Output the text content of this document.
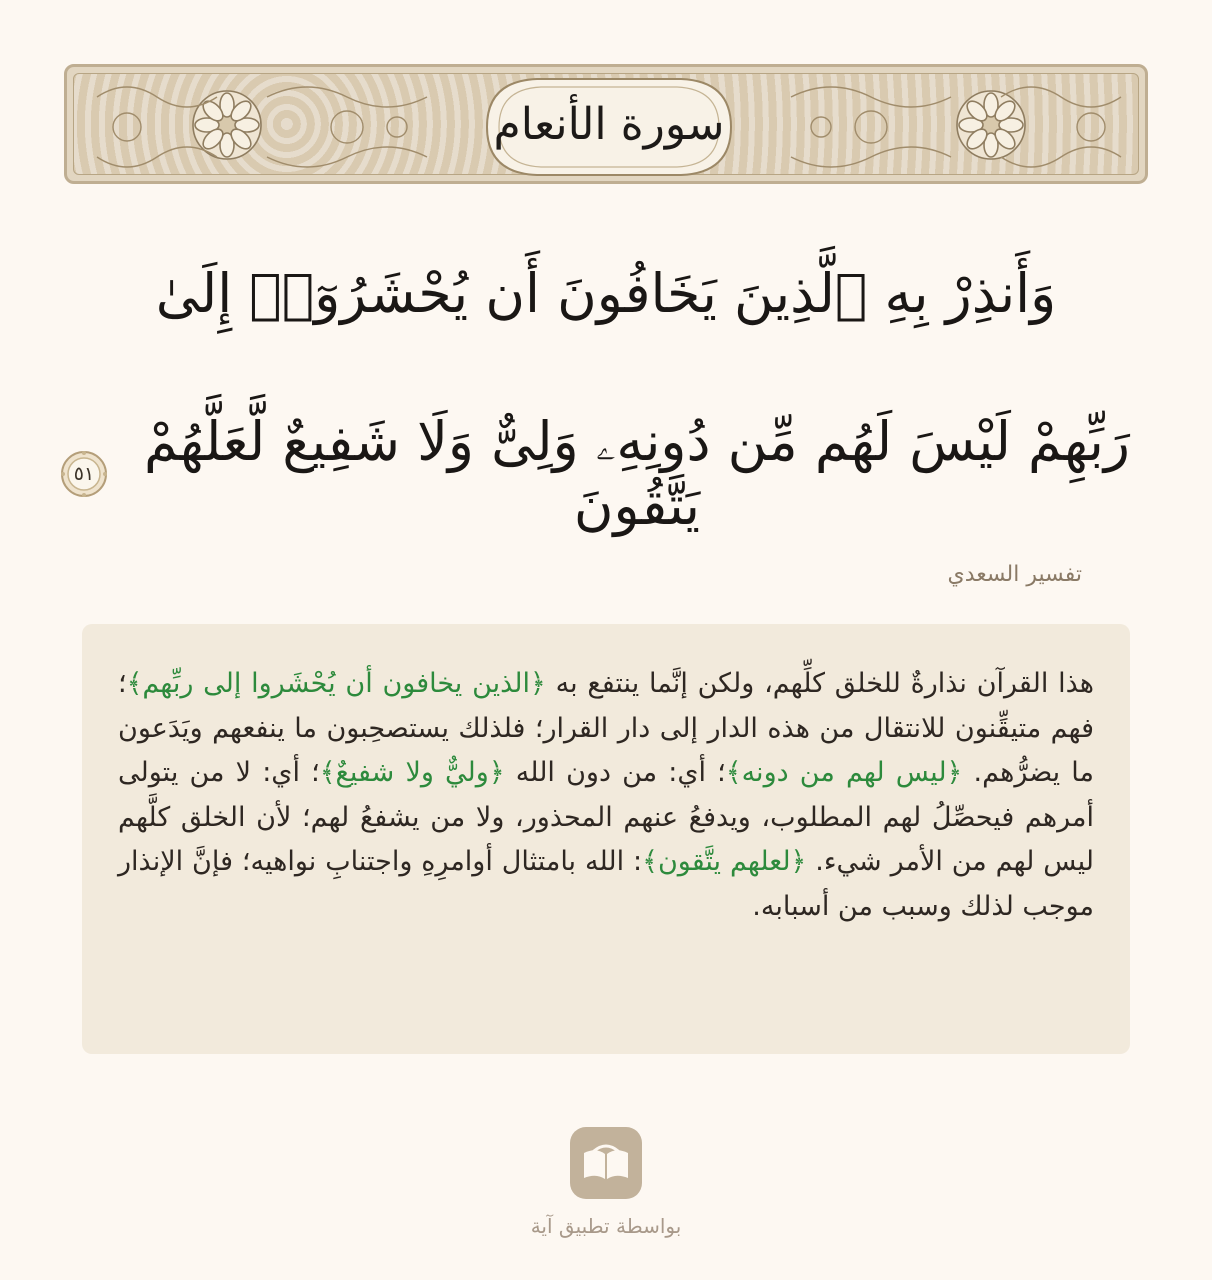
سورة الأنعام
وَأَنذِرْ بِهِ ٱلَّذِينَ يَخَافُونَ أَن يُحْشَرُوٓا۟ إِلَىٰ
رَبِّهِمْ لَيْسَ لَهُم مِّن دُونِهِۦ وَلِىٌّ وَلَا شَفِيعٌ لَّعَلَّهُمْ يَتَّقُونَ
٥١
تفسير السعدي

هذا القرآن نذارةٌ للخلق كلِّهم، ولكن إنَّما ينتفع به ﴿الذين يخافون أن يُحْشَروا إلى ربِّهم﴾؛ فهم متيقِّنون للانتقال من هذه الدار إلى دار القرار؛ فلذلك يستصحِبون ما ينفعهم ويَدَعون ما يضرُّهم. ﴿ليس لهم من دونه﴾؛ أي: من دون الله ﴿وليٌّ ولا شفيعٌ﴾؛ أي: لا من يتولى أمرهم فيحصِّلُ لهم المطلوب، ويدفعُ عنهم المحذور، ولا من يشفعُ لهم؛ لأن الخلق كلَّهم ليس لهم من الأمر شيء. ﴿لعلهم يتَّقون﴾: الله بامتثال أوامرِهِ واجتنابِ نواهيه؛ فإنَّ الإنذار موجب لذلك وسبب من أسبابه.

بواسطة تطبيق آية
